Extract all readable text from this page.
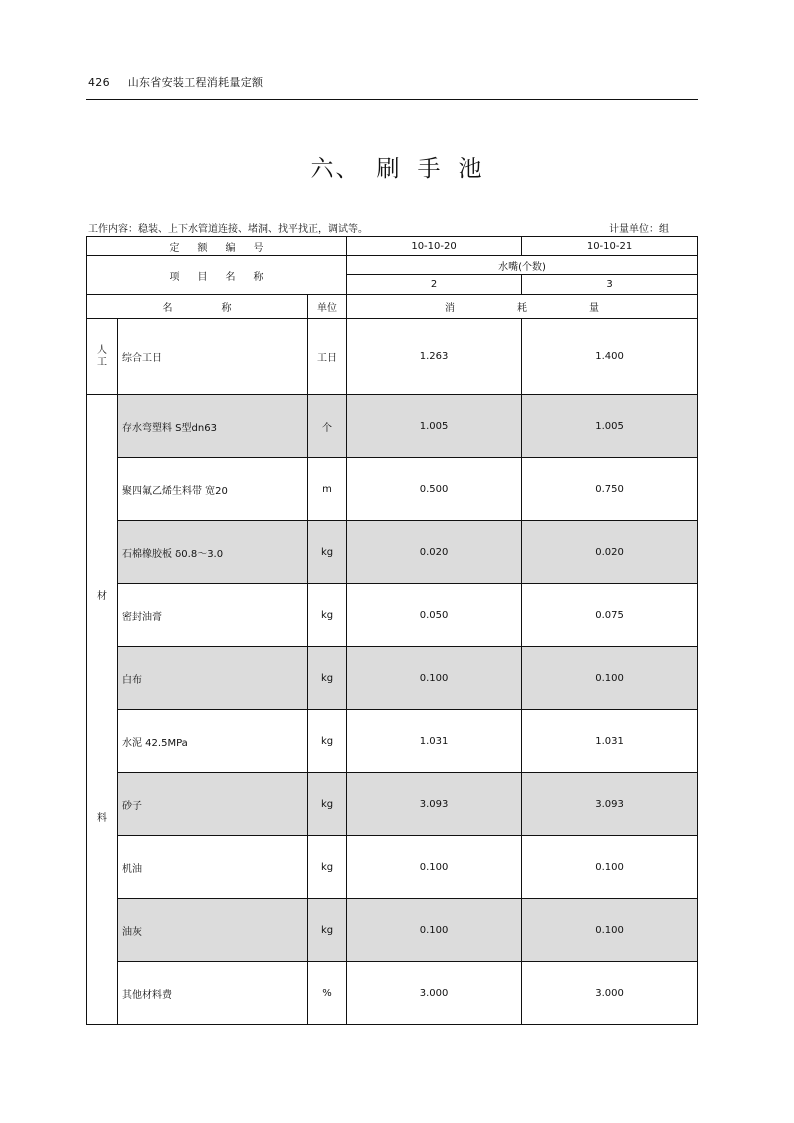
426 山东省安装工程消耗量定额
六、 刷 手 池
工作内容：稳装、上下水管道连接、堵洞、找平找正，调试等。	计量单位：组
定 额 编 号			10-10-20	10-10-21
项 目 名 称			水嘴(个数)	
			2	3
名 称		单位	消 耗 量	

人
工	综合工日	工日	1.263	1.400

材
料	存水弯塑料 S型dn63	个	1.005	1.005
	聚四氟乙烯生料带 宽20	m	0.500	0.750
	石棉橡胶板 δ0.8～3.0	kg	0.020	0.020
	密封油膏	kg	0.050	0.075
	白布	kg	0.100	0.100
	水泥 42.5MPa	kg	1.031	1.031
	砂子	kg	3.093	3.093
	机油	kg	0.100	0.100
	油灰	kg	0.100	0.100
	其他材料费	%	3.000	3.000
